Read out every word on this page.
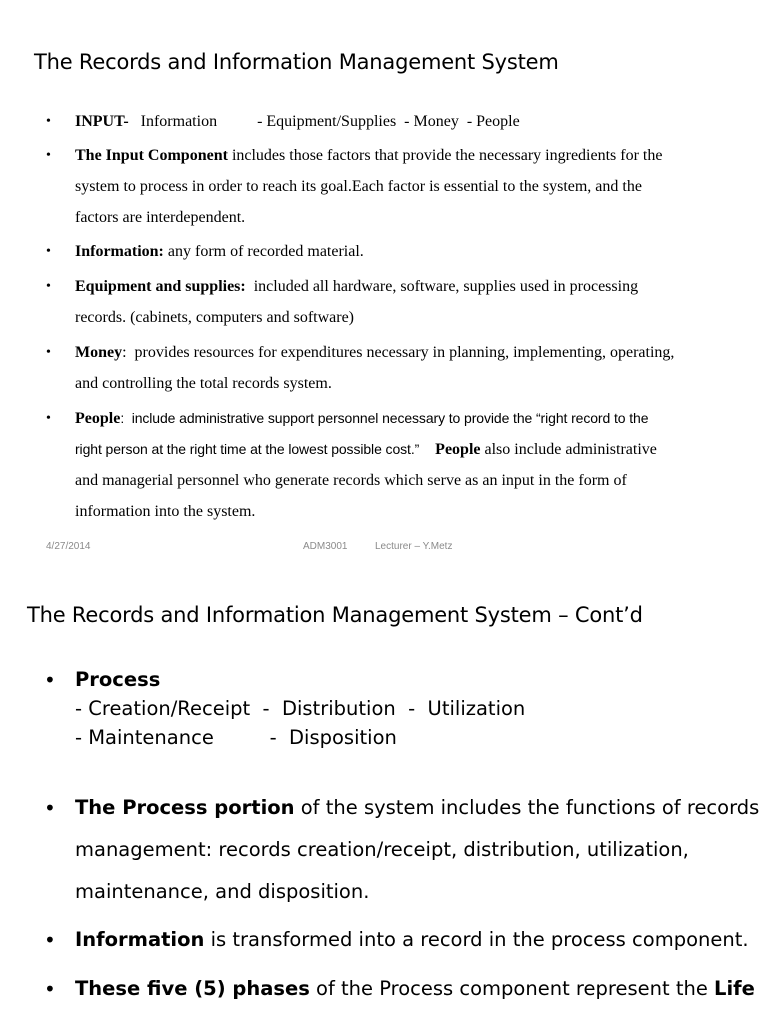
The Records and Information Management System
• INPUT-   Information          - Equipment/Supplies  - Money  - People
• The Input Component includes those factors that provide the necessary ingredients for the
system to process in order to reach its goal.Each factor is essential to the system, and the
factors are interdependent.
• Information: any form of recorded material.
• Equipment and supplies:  included all hardware, software, supplies used in processing
records. (cabinets, computers and software)
• Money:  provides resources for expenditures necessary in planning, implementing, operating,
and controlling the total records system.
• People:  include administrative support personnel necessary to provide the “right record to the
right person at the right time at the lowest possible cost.” People also include administrative
and managerial personnel who generate records which serve as an input in the form of
information into the system.
4/27/2014	ADM3001	Lecturer – Y.Metz
The Records and Information Management System – Cont’d
• Process
- Creation/Receipt  -  Distribution  -  Utilization
- Maintenance         -  Disposition
• The Process portion of the system includes the functions of records
management: records creation/receipt, distribution, utilization,
maintenance, and disposition.
• Information is transformed into a record in the process component.
• These five (5) phases of the Process component represent the Life
